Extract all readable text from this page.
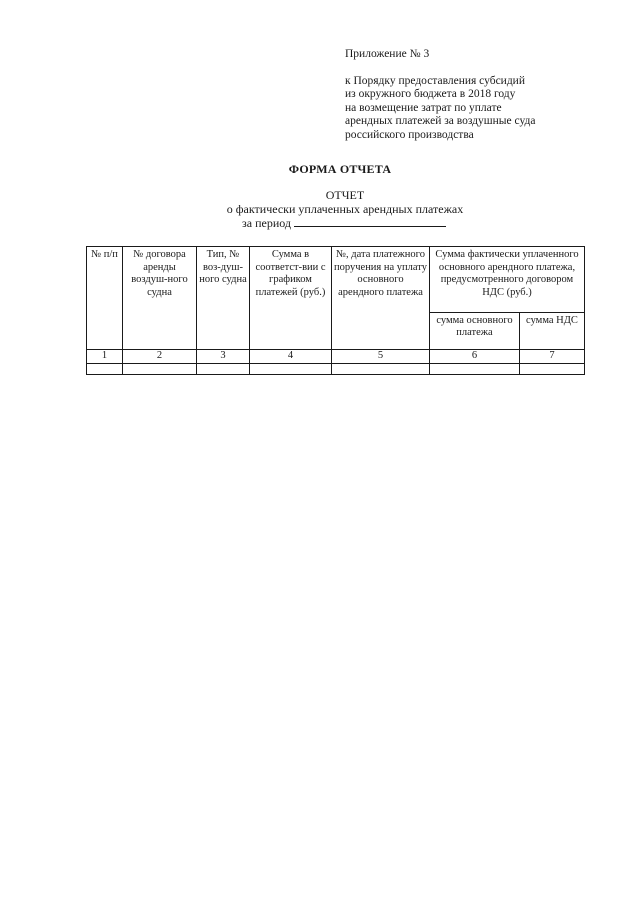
Приложение № 3
к Порядку предоставления субсидий
из окружного бюджета в 2018 году
на возмещение затрат по уплате
арендных платежей за воздушные суда
российского производства
ФОРМА ОТЧЕТА
ОТЧЕТ
о фактически уплаченных арендных платежах
за период
№ п/п	№ договора аренды воздуш-ного судна	Тип, № воз-душ-ного судна	Сумма в соответст-вии с графиком платежей (руб.)	№, дата платежного поручения на уплату основного арендного платежа	Сумма фактически уплаченного основного арендного платежа, предусмотренного договором НДС (руб.)	
					сумма основного платежа	сумма НДС
1	2	3	4	5	6	7
